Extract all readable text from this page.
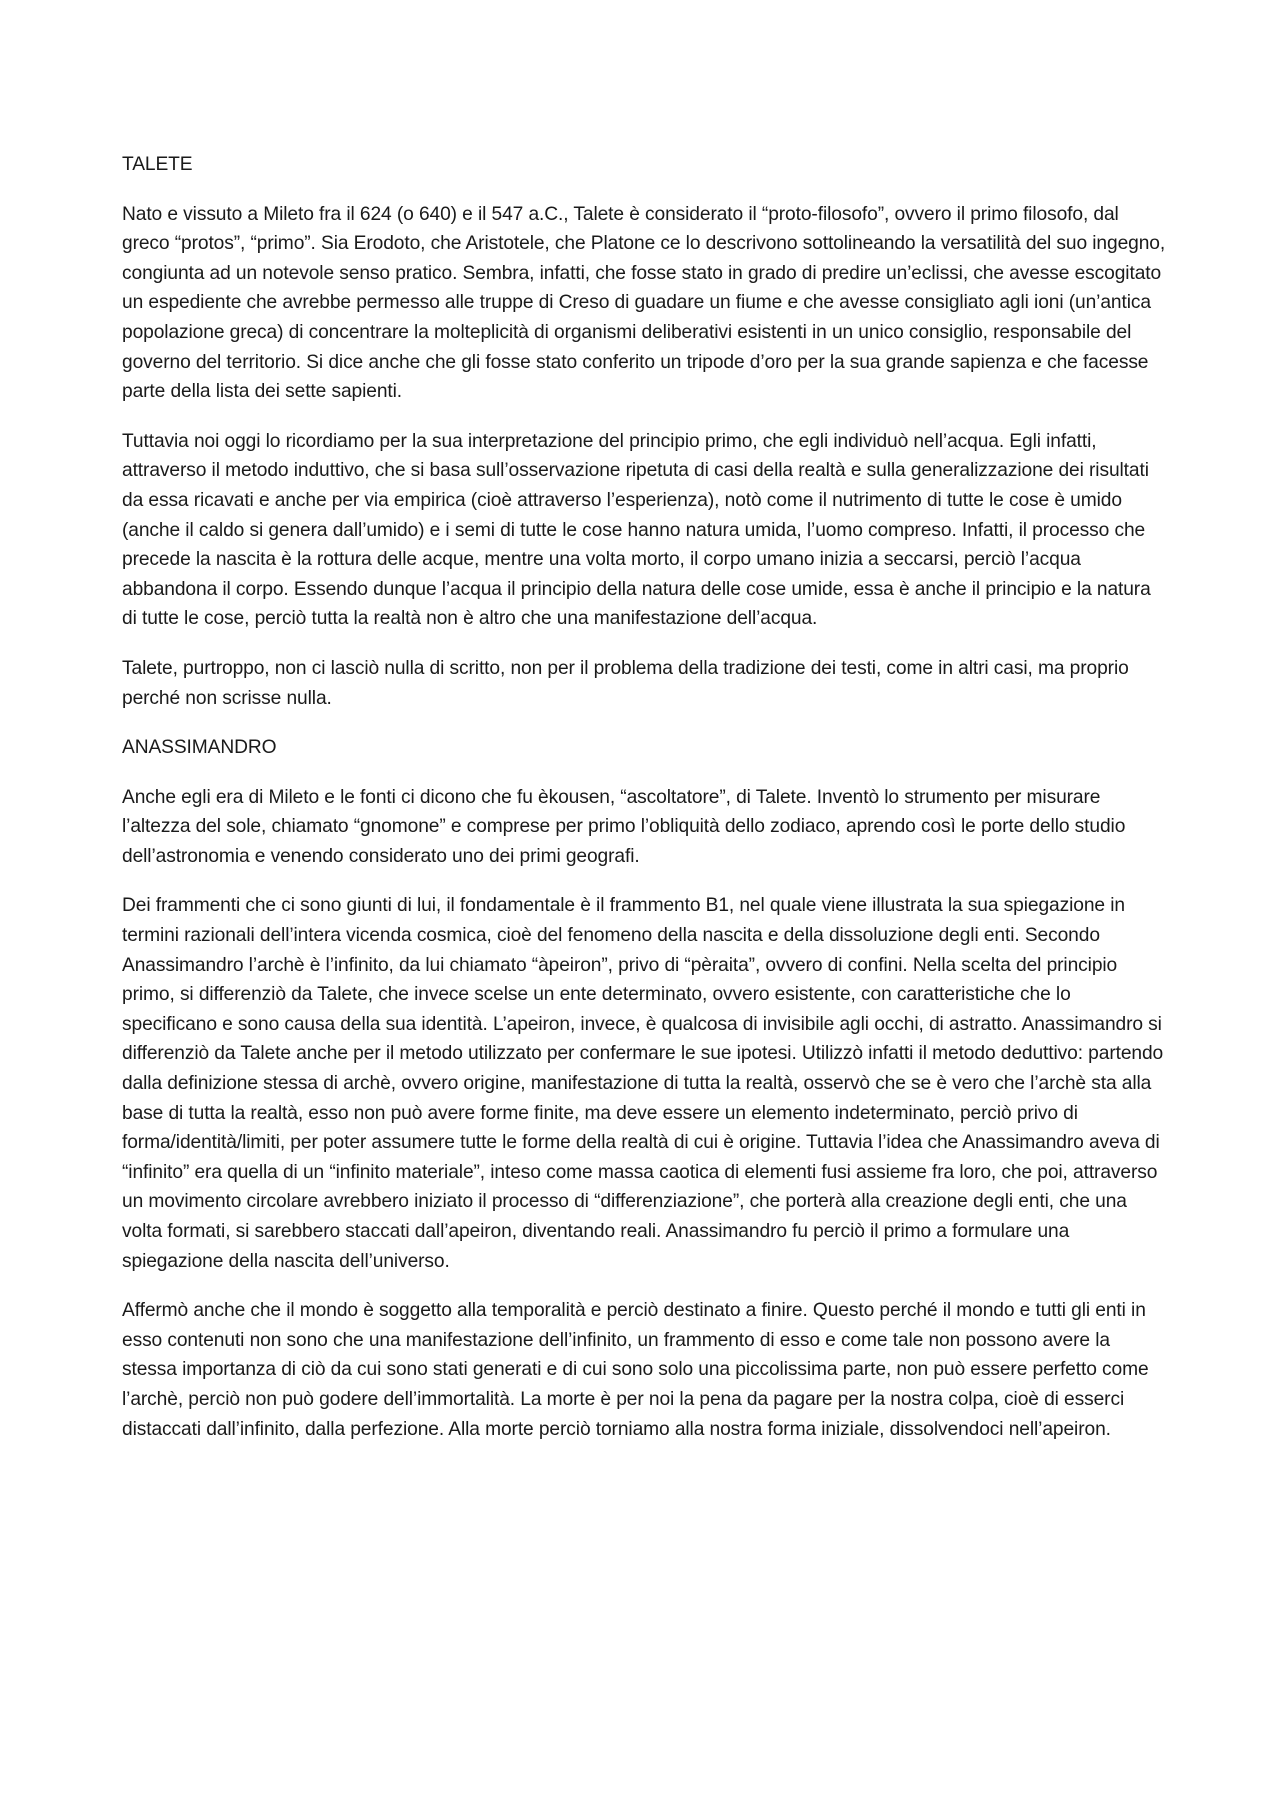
TALETE

Nato e vissuto a Mileto fra il 624 (o 640) e il 547 a.C., Talete è considerato il “proto-filosofo”, ovvero il primo filosofo, dal greco “protos”, “primo”. Sia Erodoto, che Aristotele, che Platone ce lo descrivono sottolineando la versatilità del suo ingegno, congiunta ad un notevole senso pratico. Sembra, infatti, che fosse stato in grado di predire un’eclissi, che avesse escogitato un espediente che avrebbe permesso alle truppe di Creso di guadare un fiume e che avesse consigliato agli ioni (un’antica popolazione greca) di concentrare la molteplicità di organismi deliberativi esistenti in un unico consiglio, responsabile del governo del territorio. Si dice anche che gli fosse stato conferito un tripode d’oro per la sua grande sapienza e che facesse parte della lista dei sette sapienti.

Tuttavia noi oggi lo ricordiamo per la sua interpretazione del principio primo, che egli individuò nell’acqua. Egli infatti, attraverso il metodo induttivo, che si basa sull’osservazione ripetuta di casi della realtà e sulla generalizzazione dei risultati da essa ricavati e anche per via empirica (cioè attraverso l’esperienza), notò come il nutrimento di tutte le cose è umido (anche il caldo si genera dall’umido) e i semi di tutte le cose hanno natura umida, l’uomo compreso. Infatti, il processo che precede la nascita è la rottura delle acque, mentre una volta morto, il corpo umano inizia a seccarsi, perciò l’acqua abbandona il corpo. Essendo dunque l’acqua il principio della natura delle cose umide, essa è anche il principio e la natura di tutte le cose, perciò tutta la realtà non è altro che una manifestazione dell’acqua.

Talete, purtroppo, non ci lasciò nulla di scritto, non per il problema della tradizione dei testi, come in altri casi, ma proprio perché non scrisse nulla.

ANASSIMANDRO

Anche egli era di Mileto e le fonti ci dicono che fu èkousen, “ascoltatore”, di Talete. Inventò lo strumento per misurare l’altezza del sole, chiamato “gnomone” e comprese per primo l’obliquità dello zodiaco, aprendo così le porte dello studio dell’astronomia e venendo considerato uno dei primi geografi.

Dei frammenti che ci sono giunti di lui, il fondamentale è il frammento B1, nel quale viene illustrata la sua spiegazione in termini razionali dell’intera vicenda cosmica, cioè del fenomeno della nascita e della dissoluzione degli enti. Secondo Anassimandro l’archè è l’infinito, da lui chiamato “àpeiron”, privo di “pèraita”, ovvero di confini. Nella scelta del principio primo, si differenziò da Talete, che invece scelse un ente determinato, ovvero esistente, con caratteristiche che lo specificano e sono causa della sua identità. L’apeiron, invece, è qualcosa di invisibile agli occhi, di astratto. Anassimandro si differenziò da Talete anche per il metodo utilizzato per confermare le sue ipotesi. Utilizzò infatti il metodo deduttivo: partendo dalla definizione stessa di archè, ovvero origine, manifestazione di tutta la realtà, osservò che se è vero che l’archè sta alla base di tutta la realtà, esso non può avere forme finite, ma deve essere un elemento indeterminato, perciò privo di forma/identità/limiti, per poter assumere tutte le forme della realtà di cui è origine. Tuttavia l’idea che Anassimandro aveva di “infinito” era quella di un “infinito materiale”, inteso come massa caotica di elementi fusi assieme fra loro, che poi, attraverso un movimento circolare avrebbero iniziato il processo di “differenziazione”, che porterà alla creazione degli enti, che una volta formati, si sarebbero staccati dall’apeiron, diventando reali. Anassimandro fu perciò il primo a formulare una spiegazione della nascita dell’universo.

Affermò anche che il mondo è soggetto alla temporalità e perciò destinato a finire. Questo perché il mondo e tutti gli enti in esso contenuti non sono che una manifestazione dell’infinito, un frammento di esso e come tale non possono avere la stessa importanza di ciò da cui sono stati generati e di cui sono solo una piccolissima parte, non può essere perfetto come l’archè, perciò non può godere dell’immortalità. La morte è per noi la pena da pagare per la nostra colpa, cioè di esserci distaccati dall’infinito, dalla perfezione. Alla morte perciò torniamo alla nostra forma iniziale, dissolvendoci nell’apeiron.
